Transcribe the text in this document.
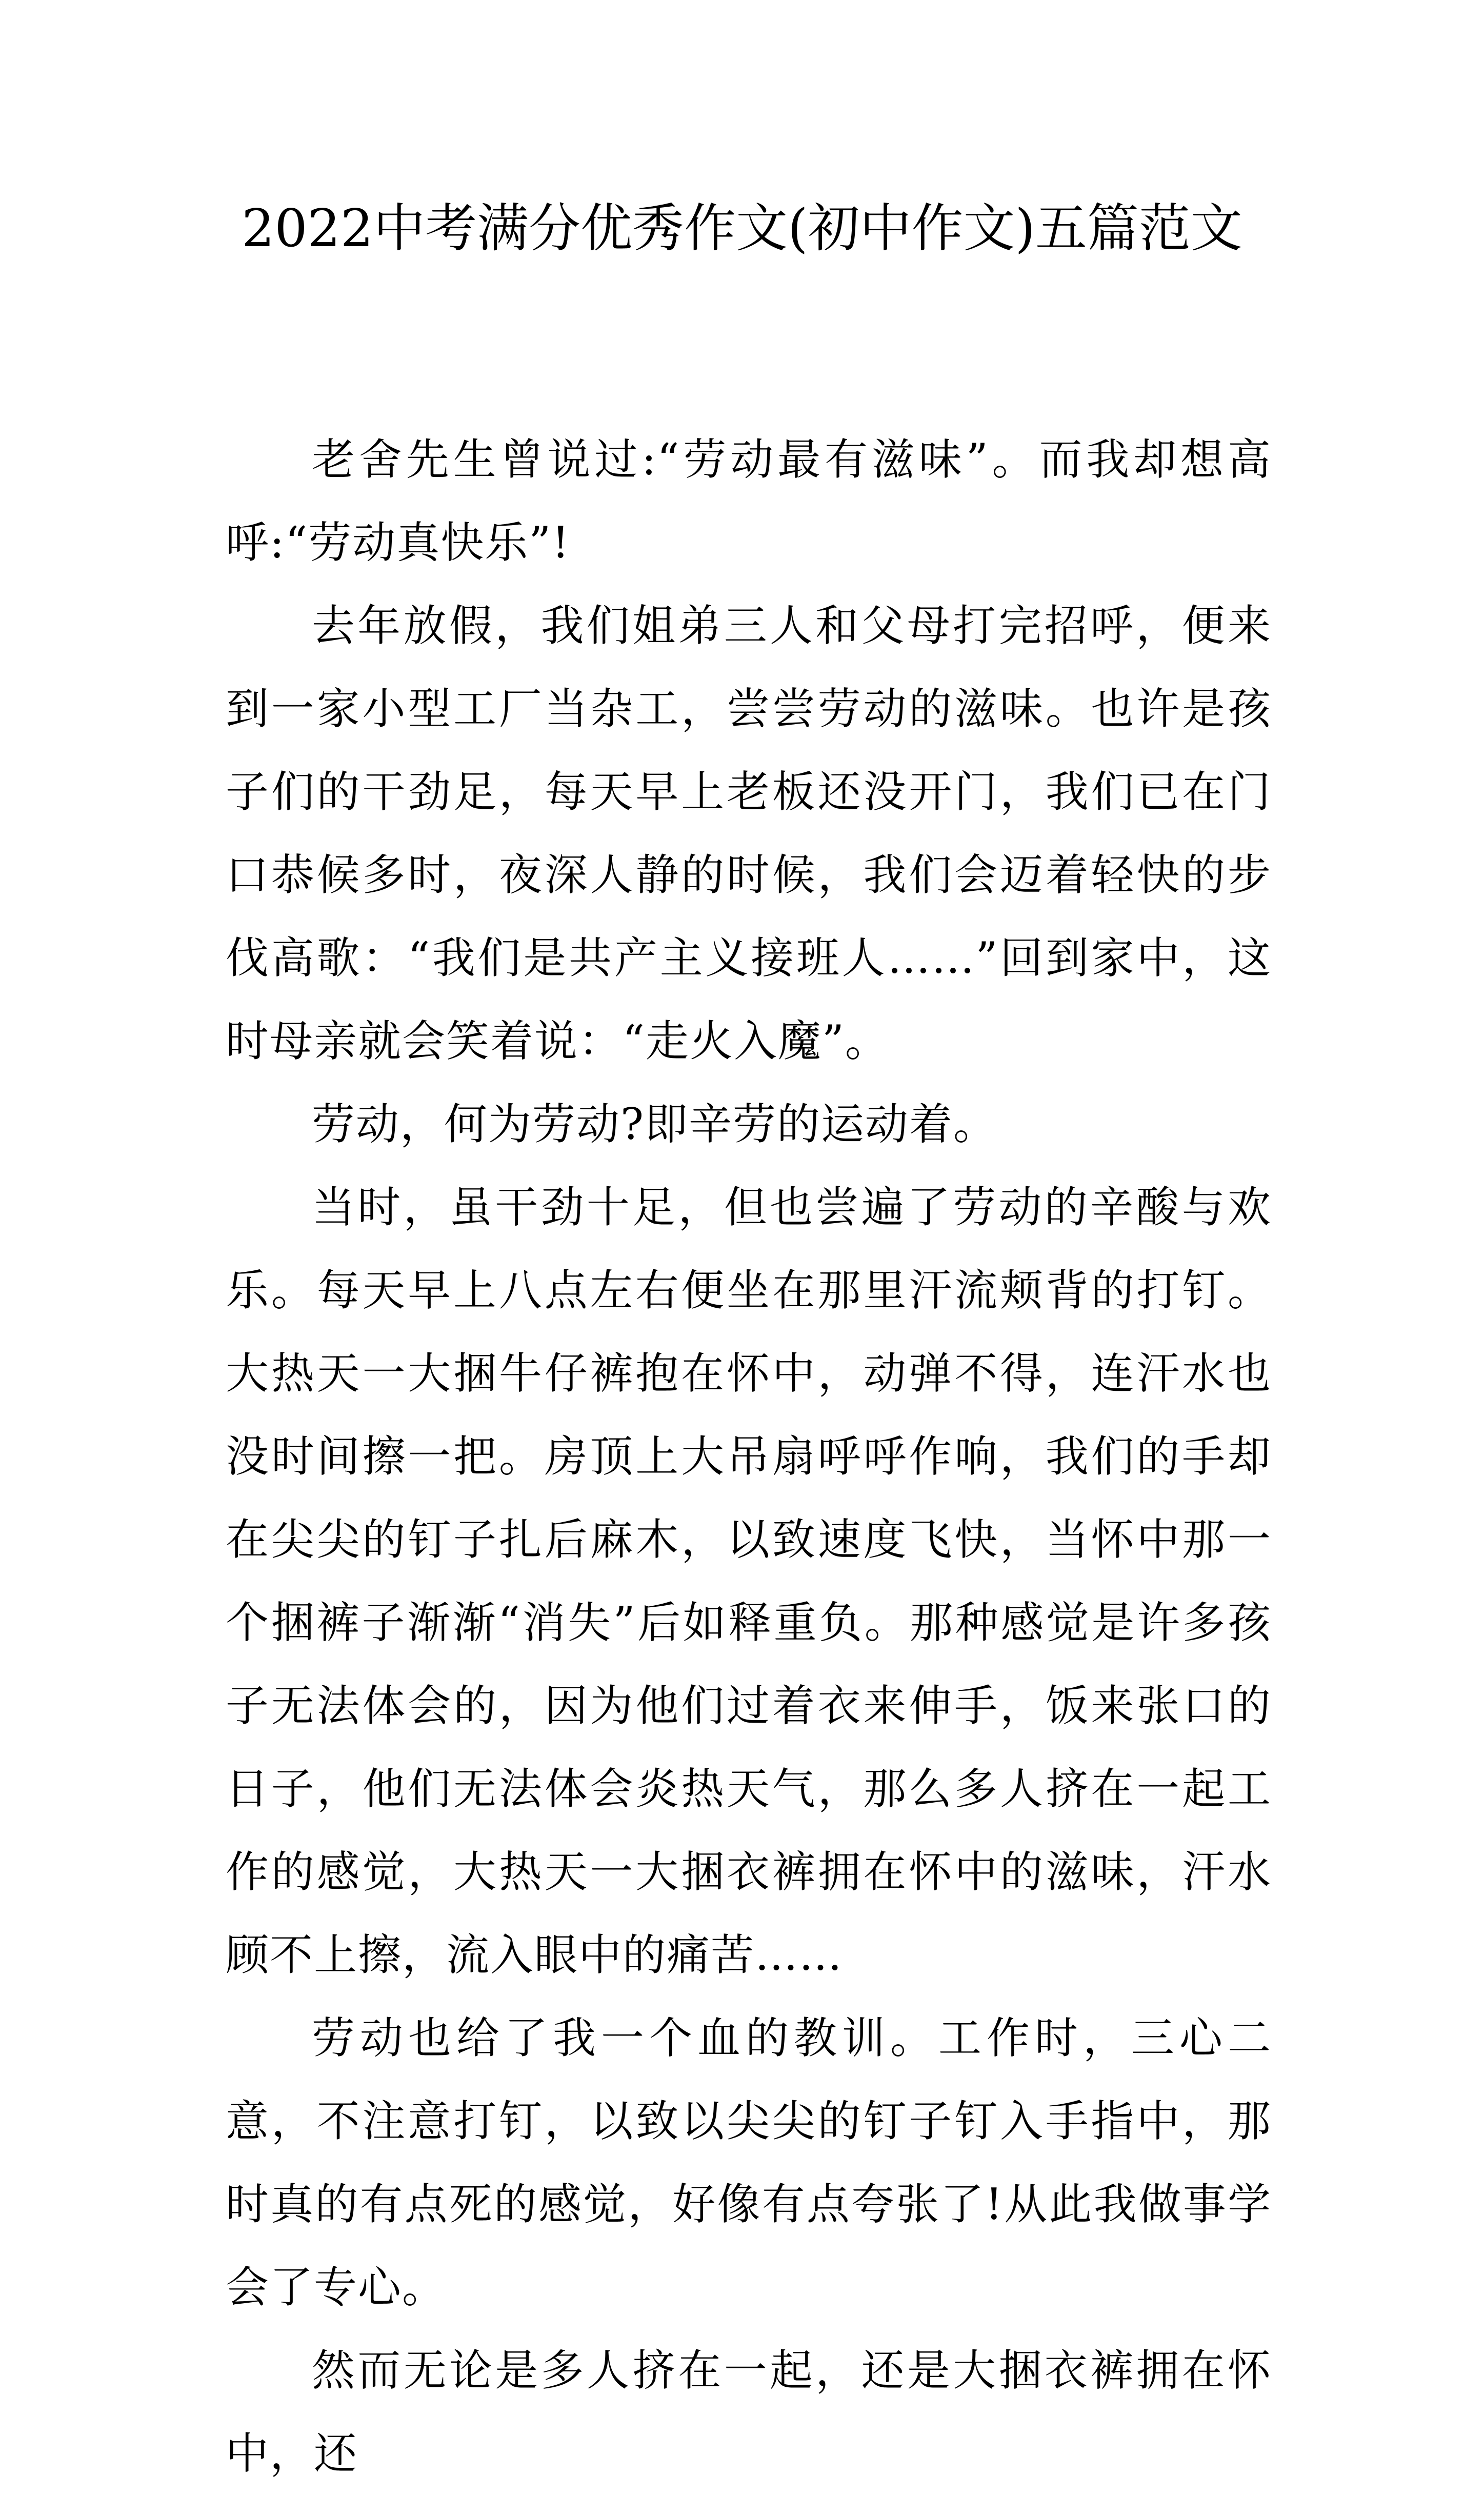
2022中考满分优秀作文(初中作文)五篇范文

老舍先生曾说过:“劳动最有滋味”。而我却想高呼:“劳动真快乐”!

去年放假，我们姐弟三人和父母打完招呼，便来到一家小型工厂当杂工，尝尝劳动的滋味。也许是孩子们的干劲足，每天早上老板还没开门，我们已在门口恭候多时，夜深人静的时候，我们会迈着轻快的步伐高歌：“我们是共产主义接班人……”回到家中，这时母亲就会笑着说：“走火入魔”。

劳动，何为劳动?即辛劳的运动着。

当时，虽干劲十足，但也尝遍了劳动的辛酸与欢乐。每天早上八点左右便坐在那里汗流颊背的打钉。大热天一大捆牛仔裤抱在怀中，动弹不得，连汗水也没时间擦一把。房顶上大吊扇呼呼作响，我们的手却在尖尖的钉子扎后麻木，以致速度飞快，当怀中那一个捆裤子渐渐“消失”后如释重负。那种感觉是许多孩子无法体会的，因为他们过着衣来伸手，饭来张口的日子，他们无法体会炎热天气，那么多人挤在一起工作的感觉，大热天一大捆衣裤拥在怀中的滋味，汗水顾不上擦，流入眼中的痛苦……

劳动也给了我一个血的教训。工作时，三心二意，不注意打钉，以致以尖尖的钉子钉入手指中，那时真的有点死的感觉，好像有点夸张了!从此我做事学会了专心。

然而无论是多人挤在一起，还是大捆衣裤拥在怀中，还
